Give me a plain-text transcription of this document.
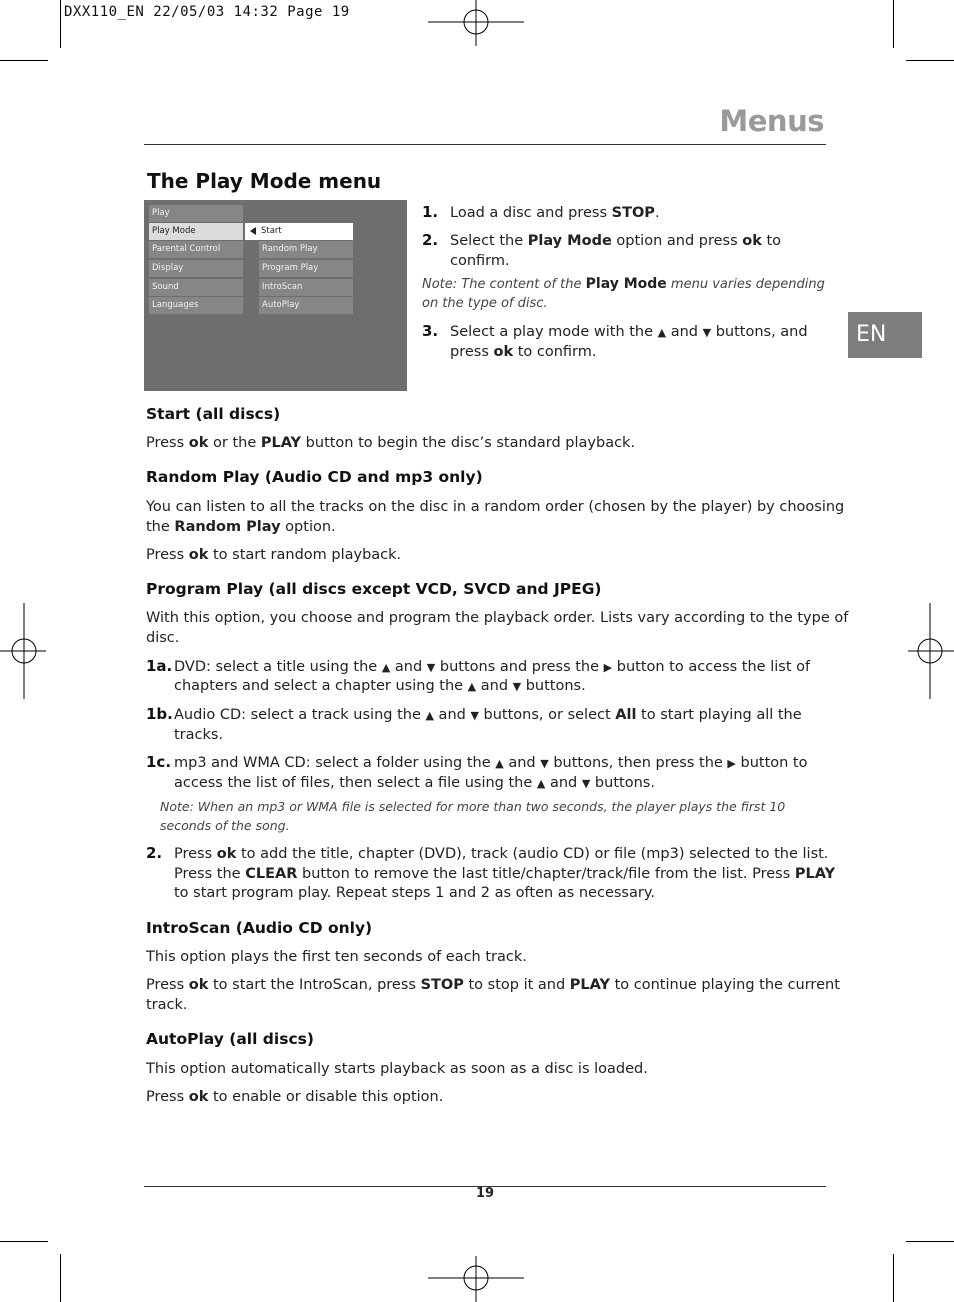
DXX110_EN 22/05/03 14:32 Page 19
Menus
The Play Mode menu
EN
Play
Play Mode
Parental Control
Display
Sound
Languages
Start
Random Play
Program Play
IntroScan
AutoPlay
1. Load a disc and press STOP.
2. Select the Play Mode option and press ok to
confirm.
Note: The content of the Play Mode menu varies depending
on the type of disc.
3. Select a play mode with the ▲ and ▼ buttons, and
press ok to confirm.
Start (all discs)
Press ok or the PLAY button to begin the disc’s standard playback.
Random Play (Audio CD and mp3 only)
You can listen to all the tracks on the disc in a random order (chosen by the player) by choosing
the Random Play option.
Press ok to start random playback.
Program Play (all discs except VCD, SVCD and JPEG)
With this option, you choose and program the playback order. Lists vary according to the type of
disc.
1a. DVD: select a title using the ▲ and ▼ buttons and press the ▶ button to access the list of
chapters and select a chapter using the ▲ and ▼ buttons.
1b. Audio CD: select a track using the ▲ and ▼ buttons, or select All to start playing all the
tracks.
1c. mp3 and WMA CD: select a folder using the ▲ and ▼ buttons, then press the ▶ button to
access the list of files, then select a file using the ▲ and ▼ buttons.
Note: When an mp3 or WMA file is selected for more than two seconds, the player plays the first 10
seconds of the song.
2. Press ok to add the title, chapter (DVD), track (audio CD) or file (mp3) selected to the list.
Press the CLEAR button to remove the last title/chapter/track/file from the list. Press PLAY
to start program play. Repeat steps 1 and 2 as often as necessary.
IntroScan (Audio CD only)
This option plays the first ten seconds of each track.
Press ok to start the IntroScan, press STOP to stop it and PLAY to continue playing the current
track.
AutoPlay (all discs)
This option automatically starts playback as soon as a disc is loaded.
Press ok to enable or disable this option.
19
